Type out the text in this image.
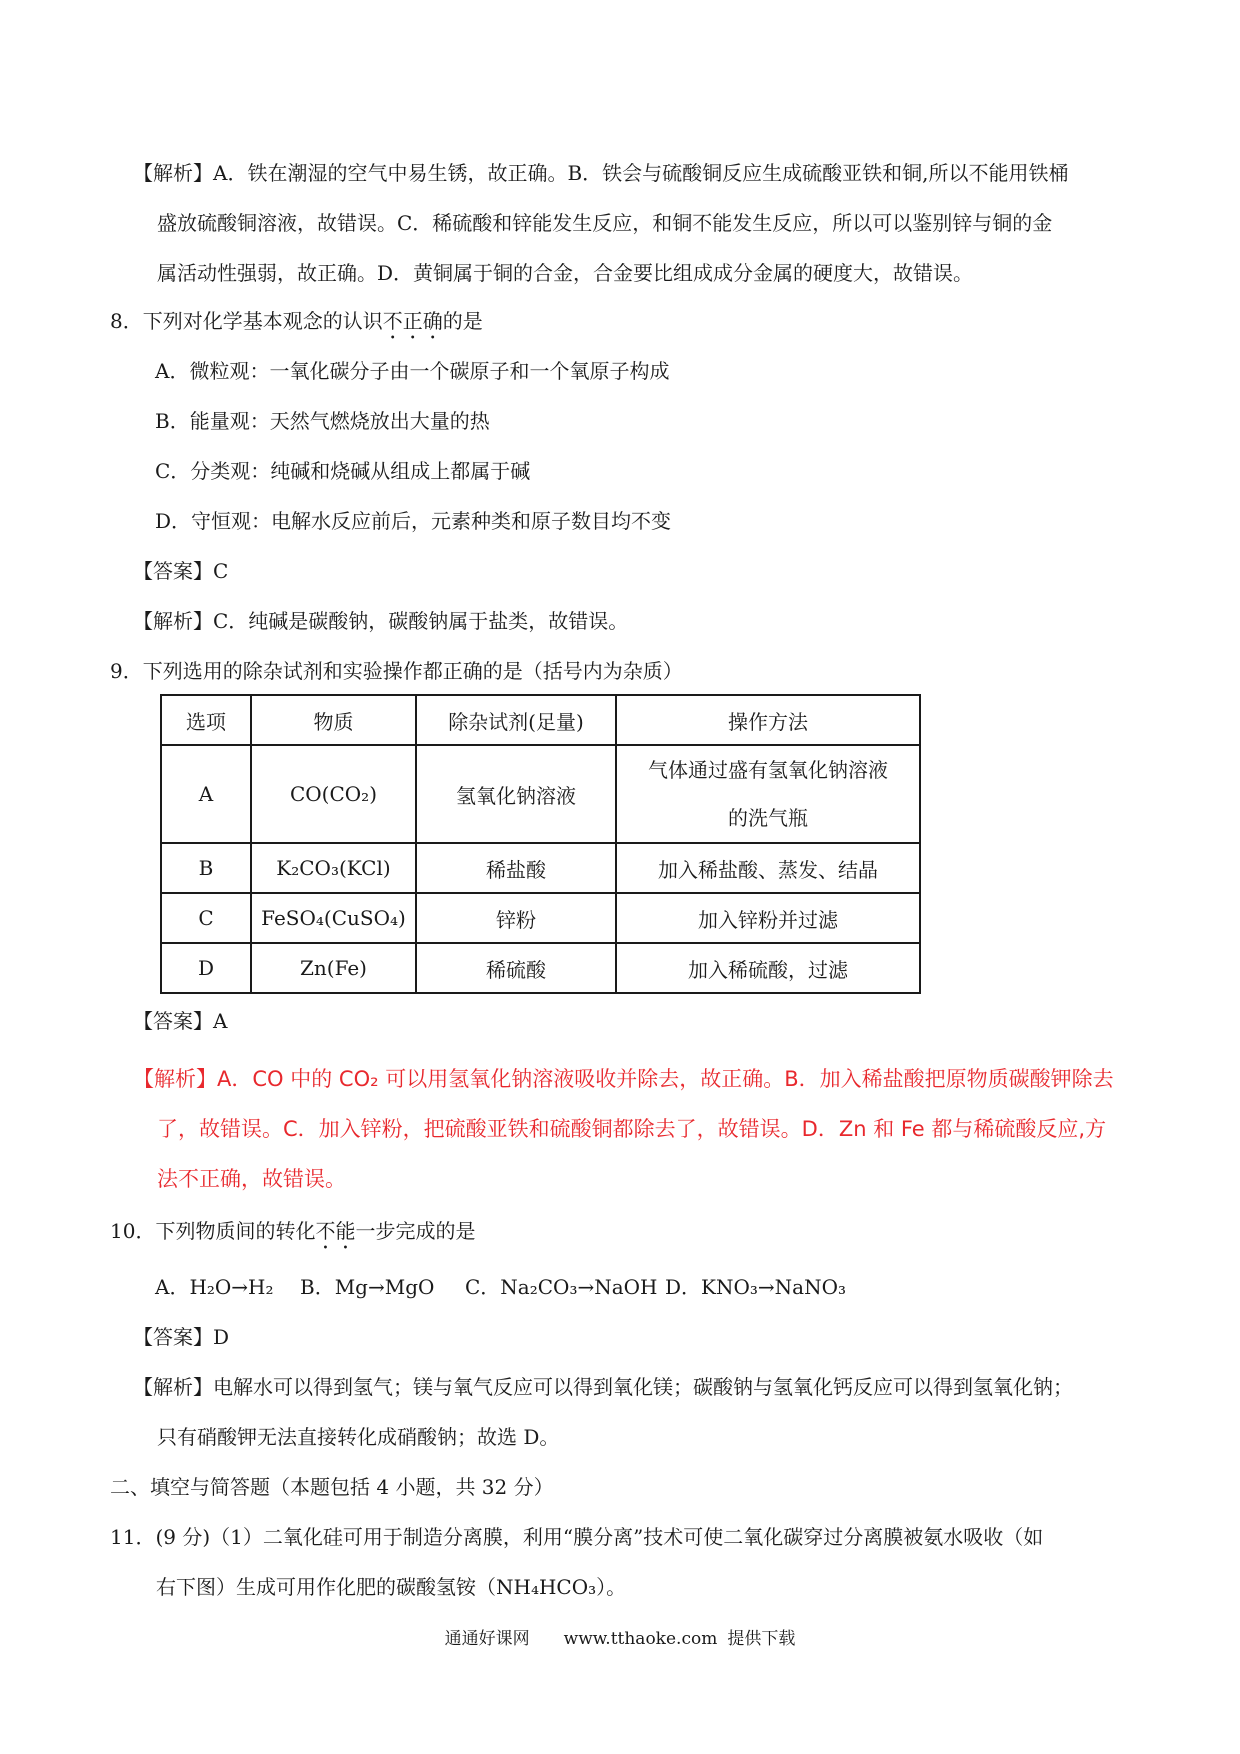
【解析】A．铁在潮湿的空气中易生锈，故正确。B．铁会与硫酸铜反应生成硫酸亚铁和铜,所以不能用铁桶
盛放硫酸铜溶液，故错误。C．稀硫酸和锌能发生反应，和铜不能发生反应，所以可以鉴别锌与铜的金
属活动性强弱，故正确。D．黄铜属于铜的合金，合金要比组成成分金属的硬度大，故错误。
8．下列对化学基本观念的认识不正确的是
A．微粒观：一氧化碳分子由一个碳原子和一个氧原子构成
B．能量观：天然气燃烧放出大量的热
C．分类观：纯碱和烧碱从组成上都属于碱
D．守恒观：电解水反应前后，元素种类和原子数目均不变
【答案】C
【解析】C．纯碱是碳酸钠，碳酸钠属于盐类，故错误。
9．下列选用的除杂试剂和实验操作都正确的是（括号内为杂质）
选项	物质	除杂试剂(足量)	操作方法
A	CO(CO₂)	氢氧化钠溶液	气体通过盛有氢氧化钠溶液
的洗气瓶

B	K₂CO₃(KCl)	稀盐酸	加入稀盐酸、蒸发、结晶
C	FeSO₄(CuSO₄)	锌粉	加入锌粉并过滤
D	Zn(Fe)	稀硫酸	加入稀硫酸，过滤
【答案】A
【解析】A．CO 中的 CO₂ 可以用氢氧化钠溶液吸收并除去，故正确。B．加入稀盐酸把原物质碳酸钾除去
了，故错误。C．加入锌粉，把硫酸亚铁和硫酸铜都除去了，故错误。D．Zn 和 Fe 都与稀硫酸反应,方
法不正确，故错误。
10．下列物质间的转化不能一步完成的是
A．H₂O→H₂ B．Mg→MgO C．Na₂CO₃→NaOH D．KNO₃→NaNO₃
【答案】D
【解析】电解水可以得到氢气；镁与氧气反应可以得到氧化镁；碳酸钠与氢氧化钙反应可以得到氢氧化钠；
只有硝酸钾无法直接转化成硝酸钠；故选 D。
二、填空与简答题（本题包括 4 小题，共 32 分）
11．(9 分)（1）二氧化硅可用于制造分离膜，利用“膜分离”技术可使二氧化碳穿过分离膜被氨水吸收（如
右下图）生成可用作化肥的碳酸氢铵（NH₄HCO₃）。
通通好课网 www.tthaoke.com 提供下载
